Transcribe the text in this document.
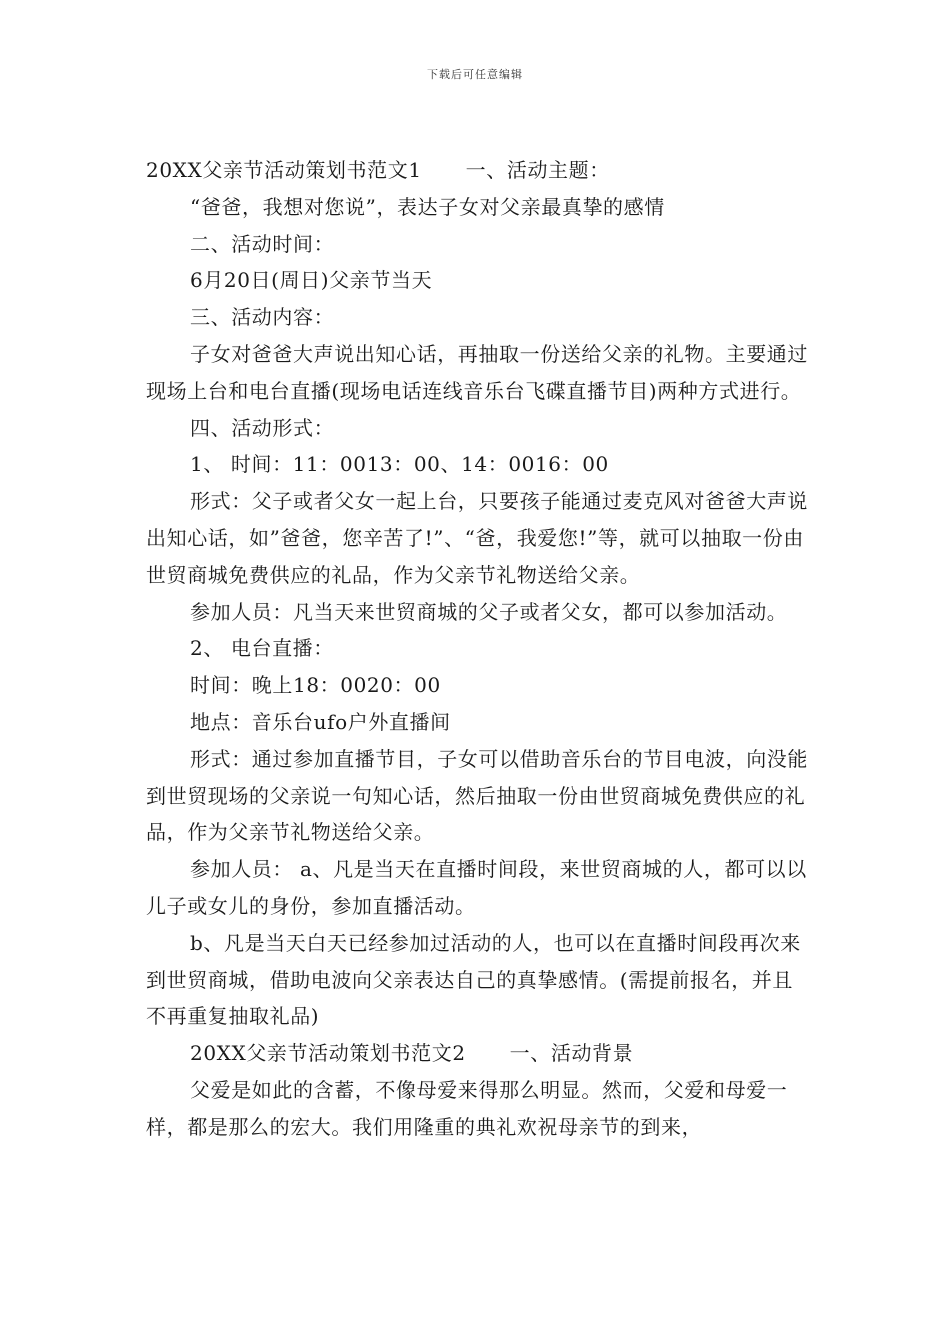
下载后可任意编辑

20XX父亲节活动策划书范文1 一、活动主题：

“爸爸，我想对您说”，表达子女对父亲最真挚的感情

二、活动时间：

6月20日(周日)父亲节当天

三、活动内容：

子女对爸爸大声说出知心话，再抽取一份送给父亲的礼物。主要通过现场上台和电台直播(现场电话连线音乐台飞碟直播节目)两种方式进行。

四、活动形式：

1、 时间：11：0013：00、14：0016：00

形式：父子或者父女一起上台，只要孩子能通过麦克风对爸爸大声说出知心话，如”爸爸，您辛苦了!”、“爸，我爱您!”等，就可以抽取一份由世贸商城免费供应的礼品，作为父亲节礼物送给父亲。

参加人员：凡当天来世贸商城的父子或者父女，都可以参加活动。

2、 电台直播：

时间：晚上18：0020：00

地点：音乐台ufo户外直播间

形式：通过参加直播节目，子女可以借助音乐台的节目电波，向没能到世贸现场的父亲说一句知心话，然后抽取一份由世贸商城免费供应的礼品，作为父亲节礼物送给父亲。

参加人员： a、凡是当天在直播时间段，来世贸商城的人，都可以以儿子或女儿的身份，参加直播活动。

b、凡是当天白天已经参加过活动的人，也可以在直播时间段再次来到世贸商城，借助电波向父亲表达自己的真挚感情。(需提前报名，并且不再重复抽取礼品)

20XX父亲节活动策划书范文2 一、活动背景

父爱是如此的含蓄，不像母爱来得那么明显。然而，父爱和母爱一样，都是那么的宏大。我们用隆重的典礼欢祝母亲节的到来，
